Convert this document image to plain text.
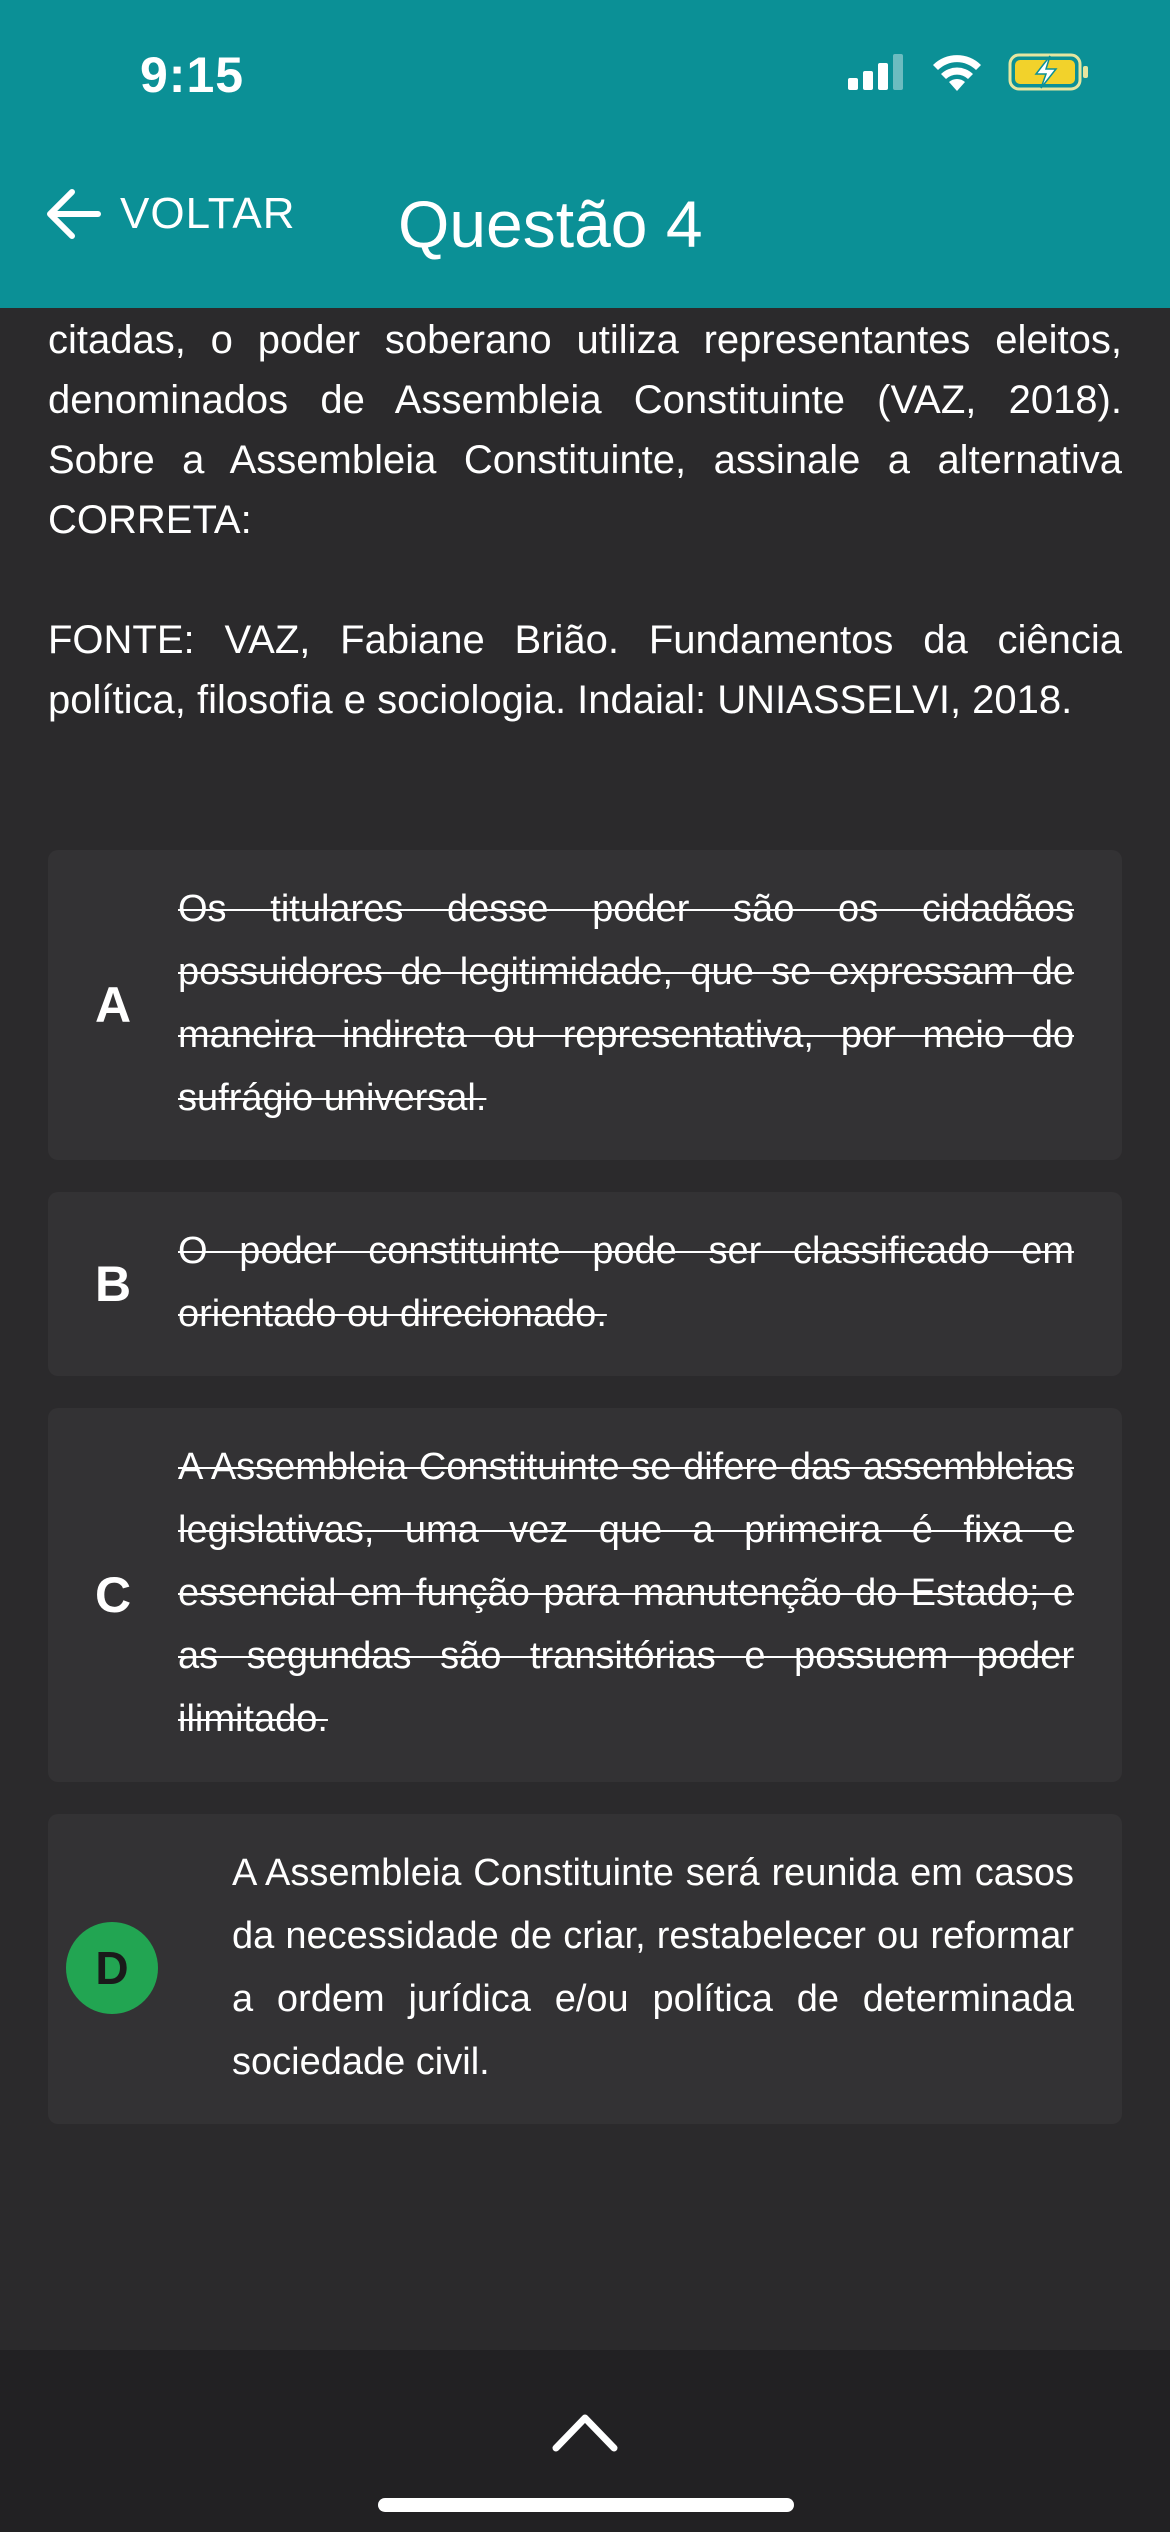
9:15
VOLTAR Questão 4

citadas, o poder soberano utiliza representantes eleitos, denominados de Assembleia Constituinte (VAZ, 2018). Sobre a Assembleia Constituinte, assinale a alternativa CORRETA:

FONTE: VAZ, Fabiane Brião. Fundamentos da ciência política, filosofia e sociologia. Indaial: UNIASSELVI, 2018.

A
Os titulares desse poder são os cidadãos possuidores de legitimidade, que se expressam de maneira indireta ou representativa, por meio do sufrágio universal.
B
O poder constituinte pode ser classificado em orientado ou direcionado.
C
A Assembleia Constituinte se difere das assembleias legislativas, uma vez que a primeira é fixa e essencial em função para manutenção do Estado; e as segundas são transitórias e possuem poder ilimitado.
D
A Assembleia Constituinte será reunida em casos da necessidade de criar, restabelecer ou reformar a ordem jurídica e/ou política de determinada sociedade civil.
